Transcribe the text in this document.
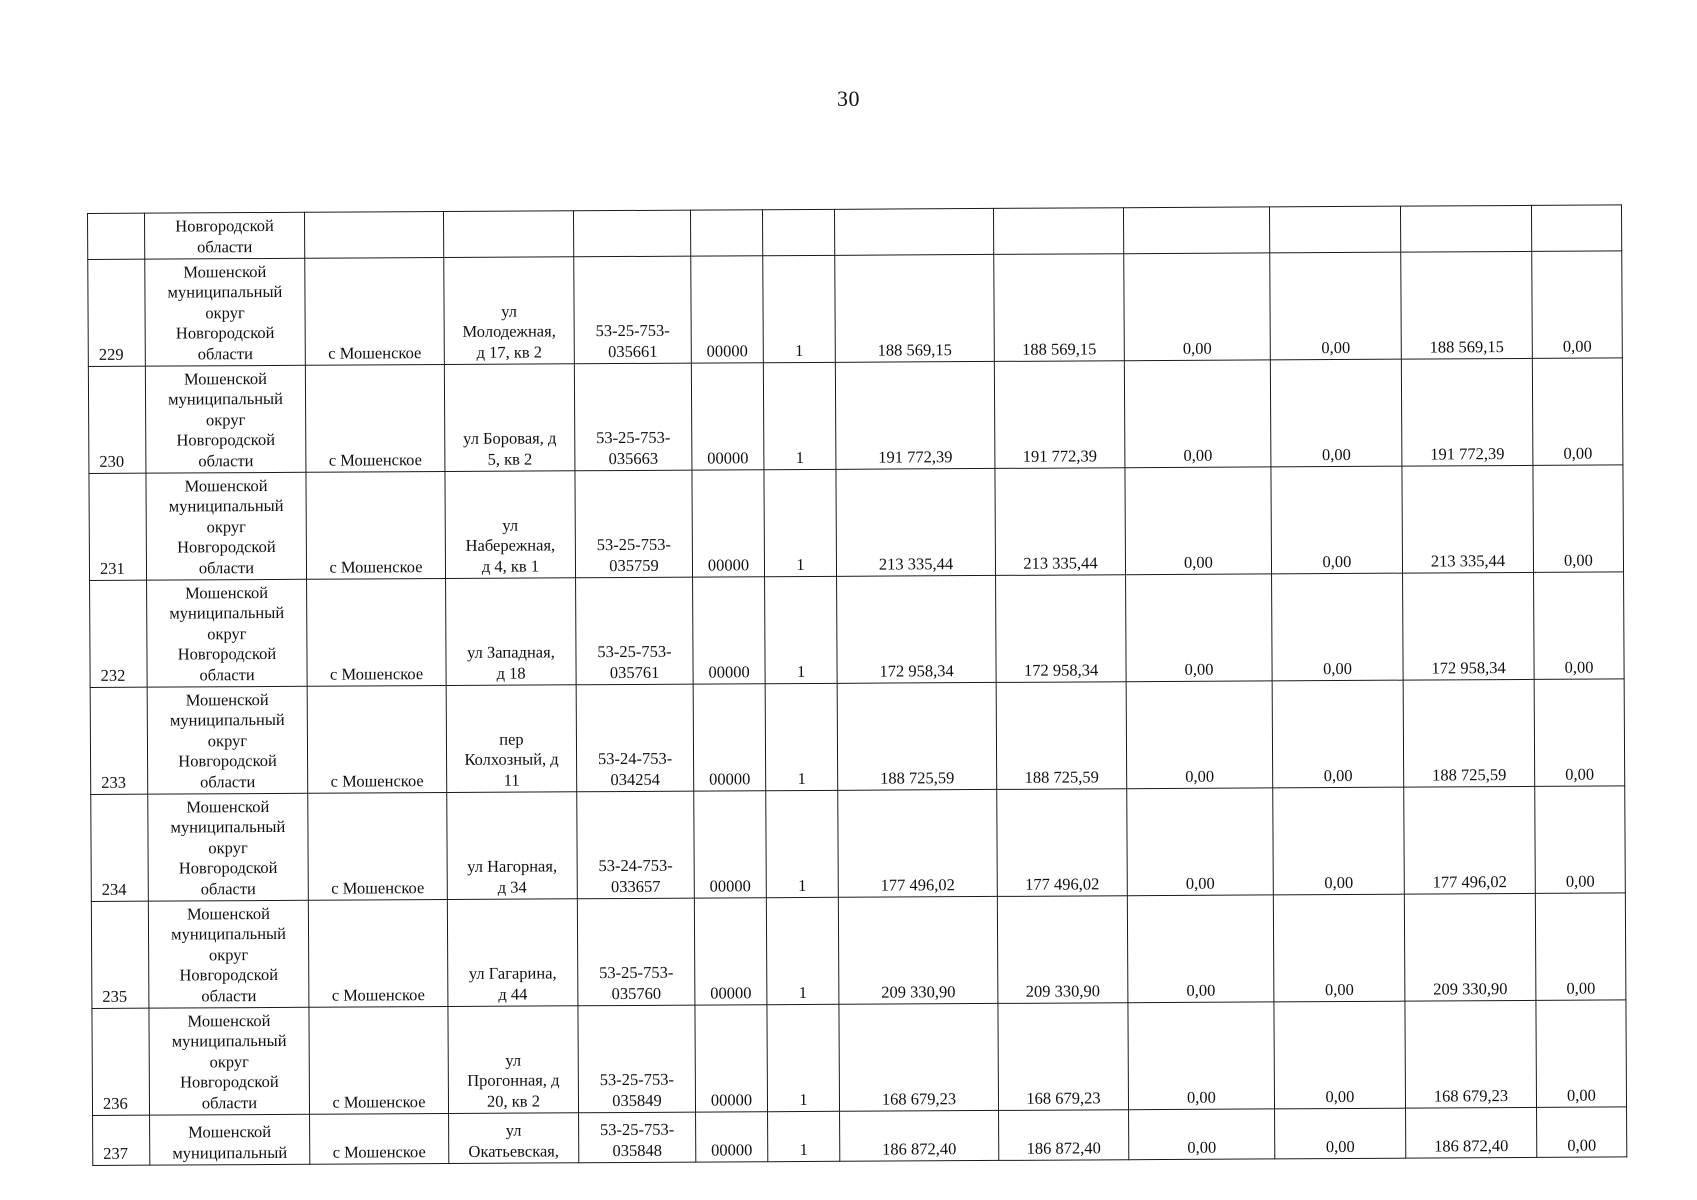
30
	Новгородской
области											
229	Мошенской
муниципальный
округ
Новгородской
области	с Мошенское	ул
Молодежная,
д 17, кв 2	53-25-753-
035661	00000	1	188 569,15	188 569,15	0,00	0,00	188 569,15	0,00
230	Мошенской
муниципальный
округ
Новгородской
области	с Мошенское	ул Боровая, д
5, кв 2	53-25-753-
035663	00000	1	191 772,39	191 772,39	0,00	0,00	191 772,39	0,00
231	Мошенской
муниципальный
округ
Новгородской
области	с Мошенское	ул
Набережная,
д 4, кв 1	53-25-753-
035759	00000	1	213 335,44	213 335,44	0,00	0,00	213 335,44	0,00
232	Мошенской
муниципальный
округ
Новгородской
области	с Мошенское	ул Западная,
д 18	53-25-753-
035761	00000	1	172 958,34	172 958,34	0,00	0,00	172 958,34	0,00
233	Мошенской
муниципальный
округ
Новгородской
области	с Мошенское	пер
Колхозный, д
11	53-24-753-
034254	00000	1	188 725,59	188 725,59	0,00	0,00	188 725,59	0,00
234	Мошенской
муниципальный
округ
Новгородской
области	с Мошенское	ул Нагорная,
д 34	53-24-753-
033657	00000	1	177 496,02	177 496,02	0,00	0,00	177 496,02	0,00
235	Мошенской
муниципальный
округ
Новгородской
области	с Мошенское	ул Гагарина,
д 44	53-25-753-
035760	00000	1	209 330,90	209 330,90	0,00	0,00	209 330,90	0,00
236	Мошенской
муниципальный
округ
Новгородской
области	с Мошенское	ул
Прогонная, д
20, кв 2	53-25-753-
035849	00000	1	168 679,23	168 679,23	0,00	0,00	168 679,23	0,00
237	Мошенской
муниципальный	с Мошенское	ул
Окатьевская,	53-25-753-
035848	00000	1	186 872,40	186 872,40	0,00	0,00	186 872,40	0,00
